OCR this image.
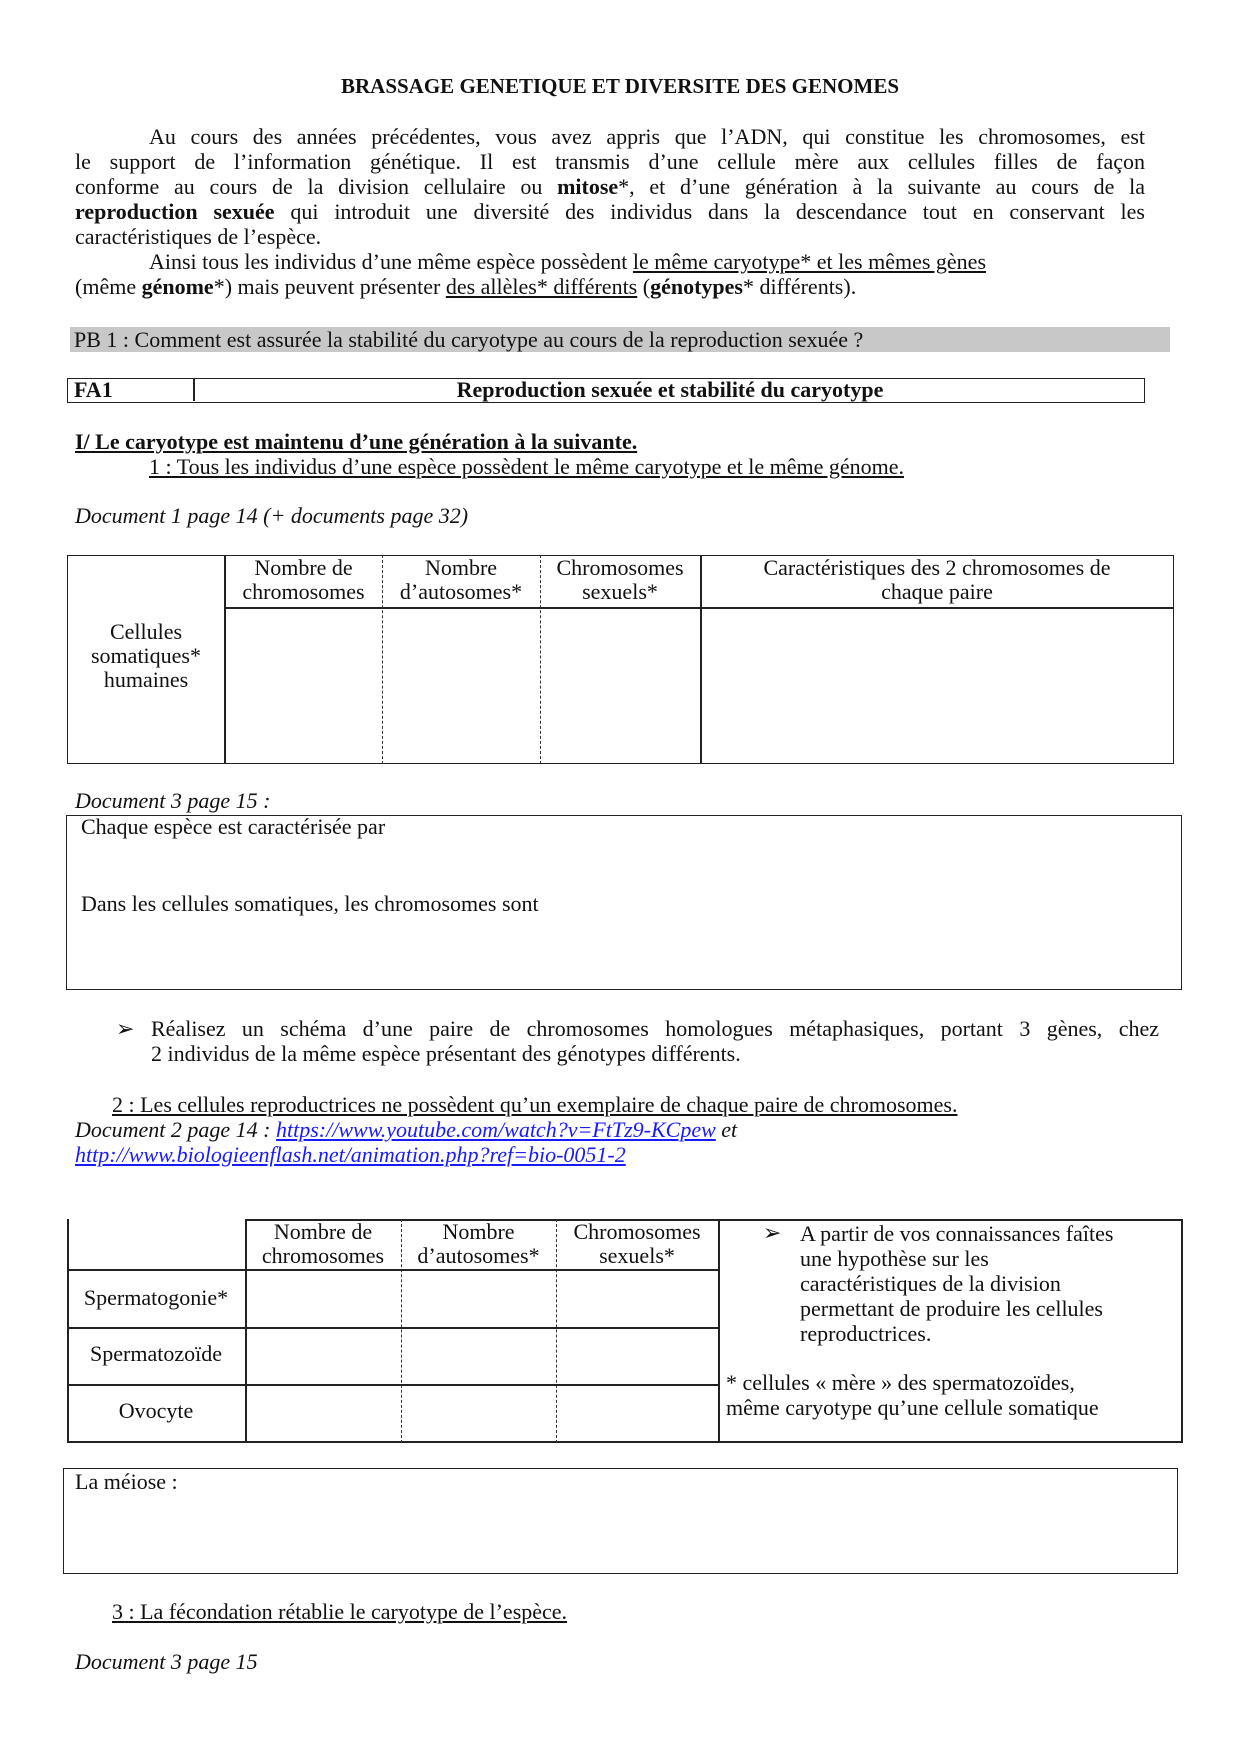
BRASSAGE GENETIQUE ET DIVERSITE DES GENOMES
Au cours des années précédentes, vous avez appris que l’ADN, qui constitue les chromosomes, est
le support de l’information génétique. Il est transmis d’une cellule mère aux cellules filles de façon
conforme au cours de la division cellulaire ou mitose*, et d’une génération à la suivante au cours de la
reproduction sexuée qui introduit une diversité des individus dans la descendance tout en conservant les
caractéristiques de l’espèce.
Ainsi tous les individus d’une même espèce possèdent le même caryotype* et les mêmes gènes
(même génome*) mais peuvent présenter des allèles* différents (génotypes* différents).
PB 1 : Comment est assurée la stabilité du caryotype au cours de la reproduction sexuée ?
FA1	Reproduction sexuée et stabilité du caryotype
I/ Le caryotype est maintenu d’une génération à la suivante.
1 : Tous les individus d’une espèce possèdent le même caryotype et le même génome.
Document 1 page 14 (+ documents page 32)
Nombre de
chromosomes
Nombre
d’autosomes*
Chromosomes
sexuels*
Caractéristiques des 2 chromosomes de
chaque paire
Cellules
somatiques*
humaines
Document 3 page 15 :
Chaque espèce est caractérisée par
Dans les cellules somatiques, les chromosomes sont
➢ Réalisez un schéma d’une paire de chromosomes homologues métaphasiques, portant 3 gènes, chez
2 individus de la même espèce présentant des génotypes différents.
2 : Les cellules reproductrices ne possèdent qu’un exemplaire de chaque paire de chromosomes.
Document 2 page 14 : https://www.youtube.com/watch?v=FtTz9-KCpew et
http://www.biologieenflash.net/animation.php?ref=bio-0051-2
Nombre de
chromosomes
Nombre
d’autosomes*
Chromosomes
sexuels*
Spermatogonie*
Spermatozoïde
Ovocyte
➢ A partir de vos connaissances faîtes
une hypothèse sur les
caractéristiques de la division
permettant de produire les cellules
reproductrices.
* cellules « mère » des spermatozoïdes,
même caryotype qu’une cellule somatique
La méiose :
3 : La fécondation rétablie le caryotype de l’espèce.
Document 3 page 15
